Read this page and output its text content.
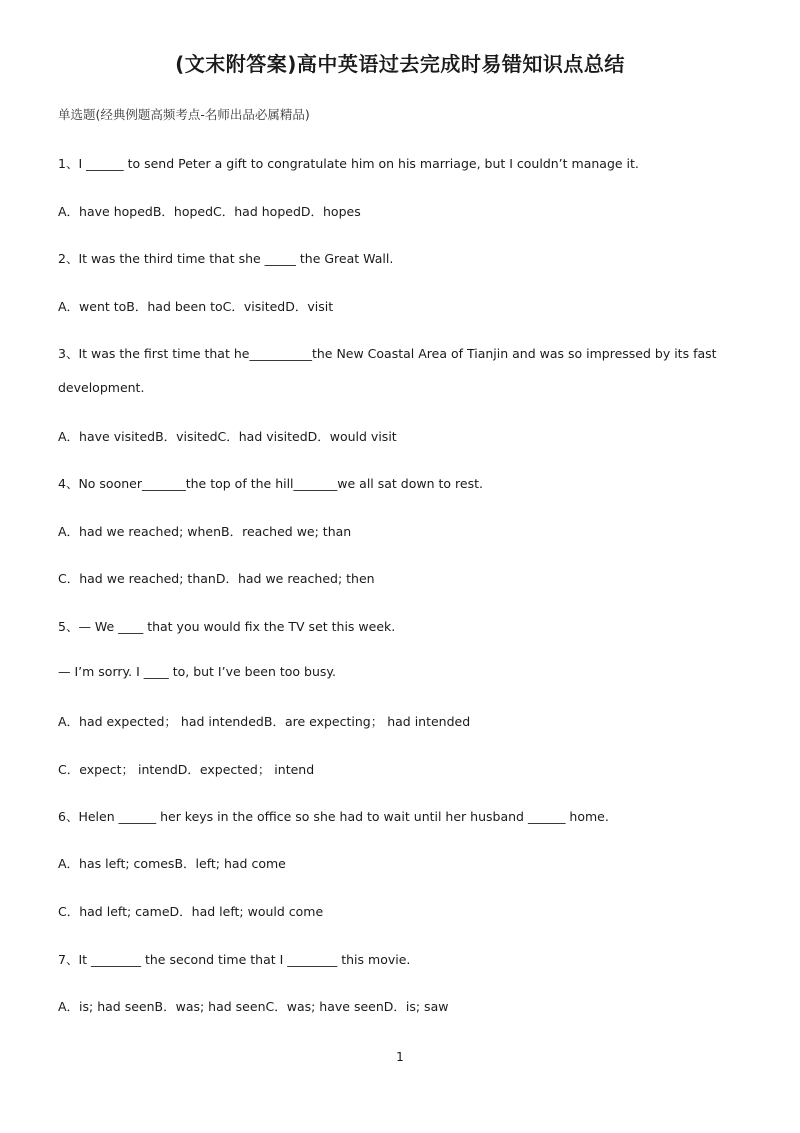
(文末附答案)高中英语过去完成时易错知识点总结
单选题(经典例题高频考点-名师出品必属精品)
1、I ______ to send Peter a gift to congratulate him on his marriage, but I couldn’t manage it.
A．have hopedB．hopedC．had hopedD．hopes
2、It was the third time that she _____ the Great Wall.
A．went toB．had been toC．visitedD．visit
3、It was the first time that he__________the New Coastal Area of Tianjin and was so impressed by its fast
development.
A．have visitedB．visitedC．had visitedD．would visit
4、No sooner_______the top of the hill_______we all sat down to rest.
A．had we reached; whenB．reached we; than
C．had we reached; thanD．had we reached; then
5、— We ____ that you would fix the TV set this week.
— I’m sorry. I ____ to, but I’ve been too busy.
A．had expected； had intendedB．are expecting； had intended
C．expect； intendD．expected； intend
6、Helen ______ her keys in the office so she had to wait until her husband ______ home.
A．has left; comesB．left; had come
C．had left; cameD．had left; would come
7、It ________ the second time that I ________ this movie.
A．is; had seenB．was; had seenC．was; have seenD．is; saw
1
